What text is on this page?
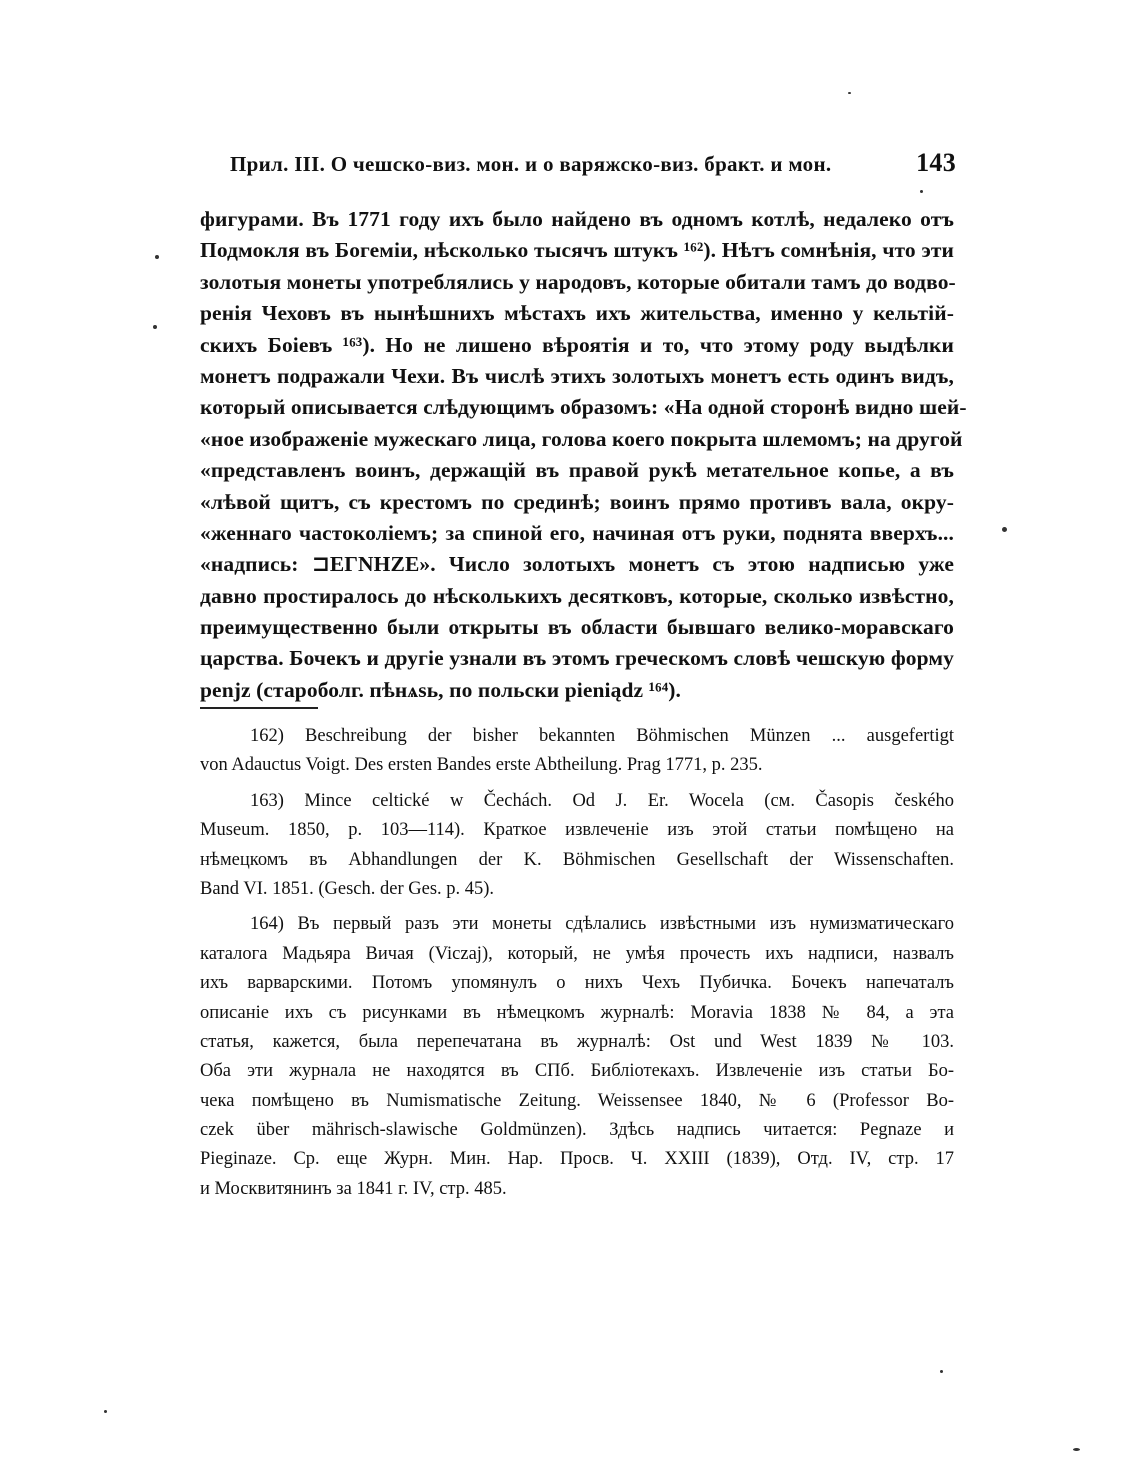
Прил. III. О чешско-виз. мон. и о варяжско-виз. бракт. и мон.	143
фигурами. Въ 1771 году ихъ было найдено въ одномъ котлѣ, недалеко отъ
Подмокля въ Богеміи, нѣсколько тысячъ штукъ ¹⁶²). Нѣтъ сомнѣнія, что эти
золотыя монеты употреблялись у народовъ, которые обитали тамъ до водво-
ренія Чеховъ въ нынѣшнихъ мѣстахъ ихъ жительства, именно у кельтій-
скихъ Боіевъ ¹⁶³). Но не лишено вѣроятія и то, что этому роду выдѣлки
монетъ подражали Чехи. Въ числѣ этихъ золотыхъ монетъ есть одинъ видъ,
который описывается слѣдующимъ образомъ: «На одной сторонѣ видно шей-
«ное изображеніе мужескаго лица, голова коего покрыта шлемомъ; на другой
«представленъ воинъ, держащій въ правой рукѣ метательное копье, а въ
«лѣвой щитъ, съ крестомъ по срединѣ; воинъ прямо противъ вала, окру-
«женнаго частоколіемъ; за спиной его, начиная отъ руки, поднята вверхъ...
«надпись: ⊐ЕΓNHZE». Число золотыхъ монетъ съ этою надписью уже
давно простиралось до нѣсколькихъ десятковъ, которые, сколько извѣстно,
преимущественно были открыты въ области бывшаго велико-моравскаго
царства. Бочекъ и другіе узнали въ этомъ греческомъ словѣ чешскую форму
penjz (староболг. пѣнѧѕь, по польски pieniądz ¹⁶⁴).
162) Beschreibung der bisher bekannten Böhmischen Münzen ... ausgefertigt
von Adauctus Voigt. Des ersten Bandes erste Abtheilung. Prag 1771, p. 235.
163) Mince celtické w Čechách. Od J. Er. Wocela (см. Časopis českého
Museum. 1850, p. 103—114). Краткое извлеченіе изъ этой статьи помѣщено на
нѣмецкомъ въ Abhandlungen der K. Böhmischen Gesellschaft der Wissenschaften.
Band VI. 1851. (Gesch. der Ges. p. 45).
164) Въ первый разъ эти монеты сдѣлались извѣстными изъ нумизматическаго
каталога Мадьяра Вичая (Viczaj), который, не умѣя прочесть ихъ надписи, назвалъ
ихъ варварскими. Потомъ упомянулъ о нихъ Чехъ Пубичка. Бочекъ напечаталъ
описаніе ихъ съ рисунками въ нѣмецкомъ журналѣ: Moravia 1838 № 84, а эта
статья, кажется, была перепечатана въ журналѣ: Ost und West 1839 № 103.
Оба эти журнала не находятся въ СПб. Библіотекахъ. Извлеченіе изъ статьи Бо-
чека помѣщено въ Numismatische Zeitung. Weissensee 1840, № 6 (Professor Bo-
czek über mährisch-slawische Goldmünzen). Здѣсь надпись читается: Pegnaze и
Pieginaze. Ср. еще Журн. Мин. Нар. Просв. Ч. XXIII (1839), Отд. IV, стр. 17
и Москвитянинъ за 1841 г. IV, стр. 485.
